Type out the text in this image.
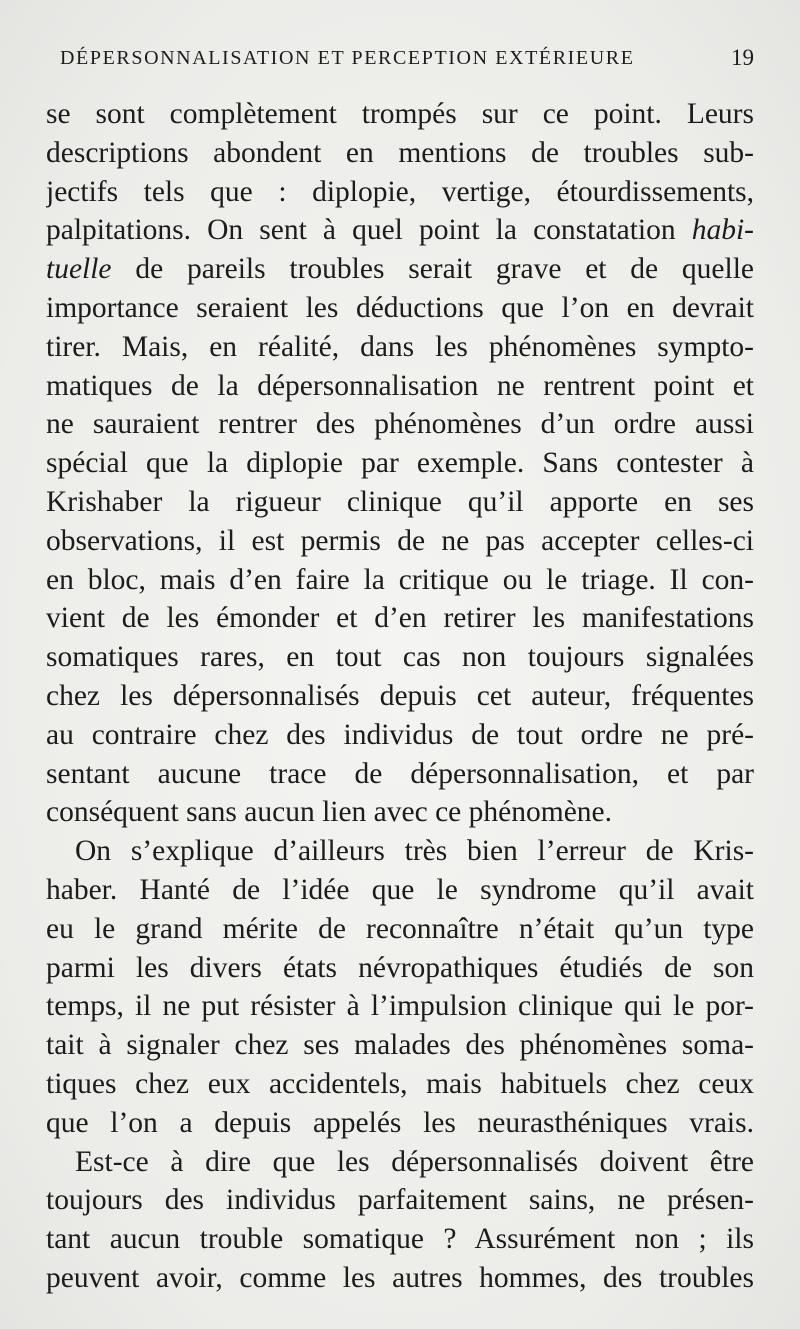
DÉPERSONNALISATION ET PERCEPTION EXTÉRIEURE	19
se sont complètement trompés sur ce point. Leurs
descriptions abondent en mentions de troubles sub-
jectifs tels que : diplopie, vertige, étourdissements,
palpitations. On sent à quel point la constatation habi-
tuelle de pareils troubles serait grave et de quelle
importance seraient les déductions que l’on en devrait
tirer. Mais, en réalité, dans les phénomènes sympto-
matiques de la dépersonnalisation ne rentrent point et
ne sauraient rentrer des phénomènes d’un ordre aussi
spécial que la diplopie par exemple. Sans contester à
Krishaber la rigueur clinique qu’il apporte en ses
observations, il est permis de ne pas accepter celles-ci
en bloc, mais d’en faire la critique ou le triage. Il con-
vient de les émonder et d’en retirer les manifestations
somatiques rares, en tout cas non toujours signalées
chez les dépersonnalisés depuis cet auteur, fréquentes
au contraire chez des individus de tout ordre ne pré-
sentant aucune trace de dépersonnalisation, et par
conséquent sans aucun lien avec ce phénomène.
On s’explique d’ailleurs très bien l’erreur de Kris-
haber. Hanté de l’idée que le syndrome qu’il avait
eu le grand mérite de reconnaître n’était qu’un type
parmi les divers états névropathiques étudiés de son
temps, il ne put résister à l’impulsion clinique qui le por-
tait à signaler chez ses malades des phénomènes soma-
tiques chez eux accidentels, mais habituels chez ceux
que l’on a depuis appelés les neurasthéniques vrais.
Est-ce à dire que les dépersonnalisés doivent être
toujours des individus parfaitement sains, ne présen-
tant aucun trouble somatique ? Assurément non ; ils
peuvent avoir, comme les autres hommes, des troubles
